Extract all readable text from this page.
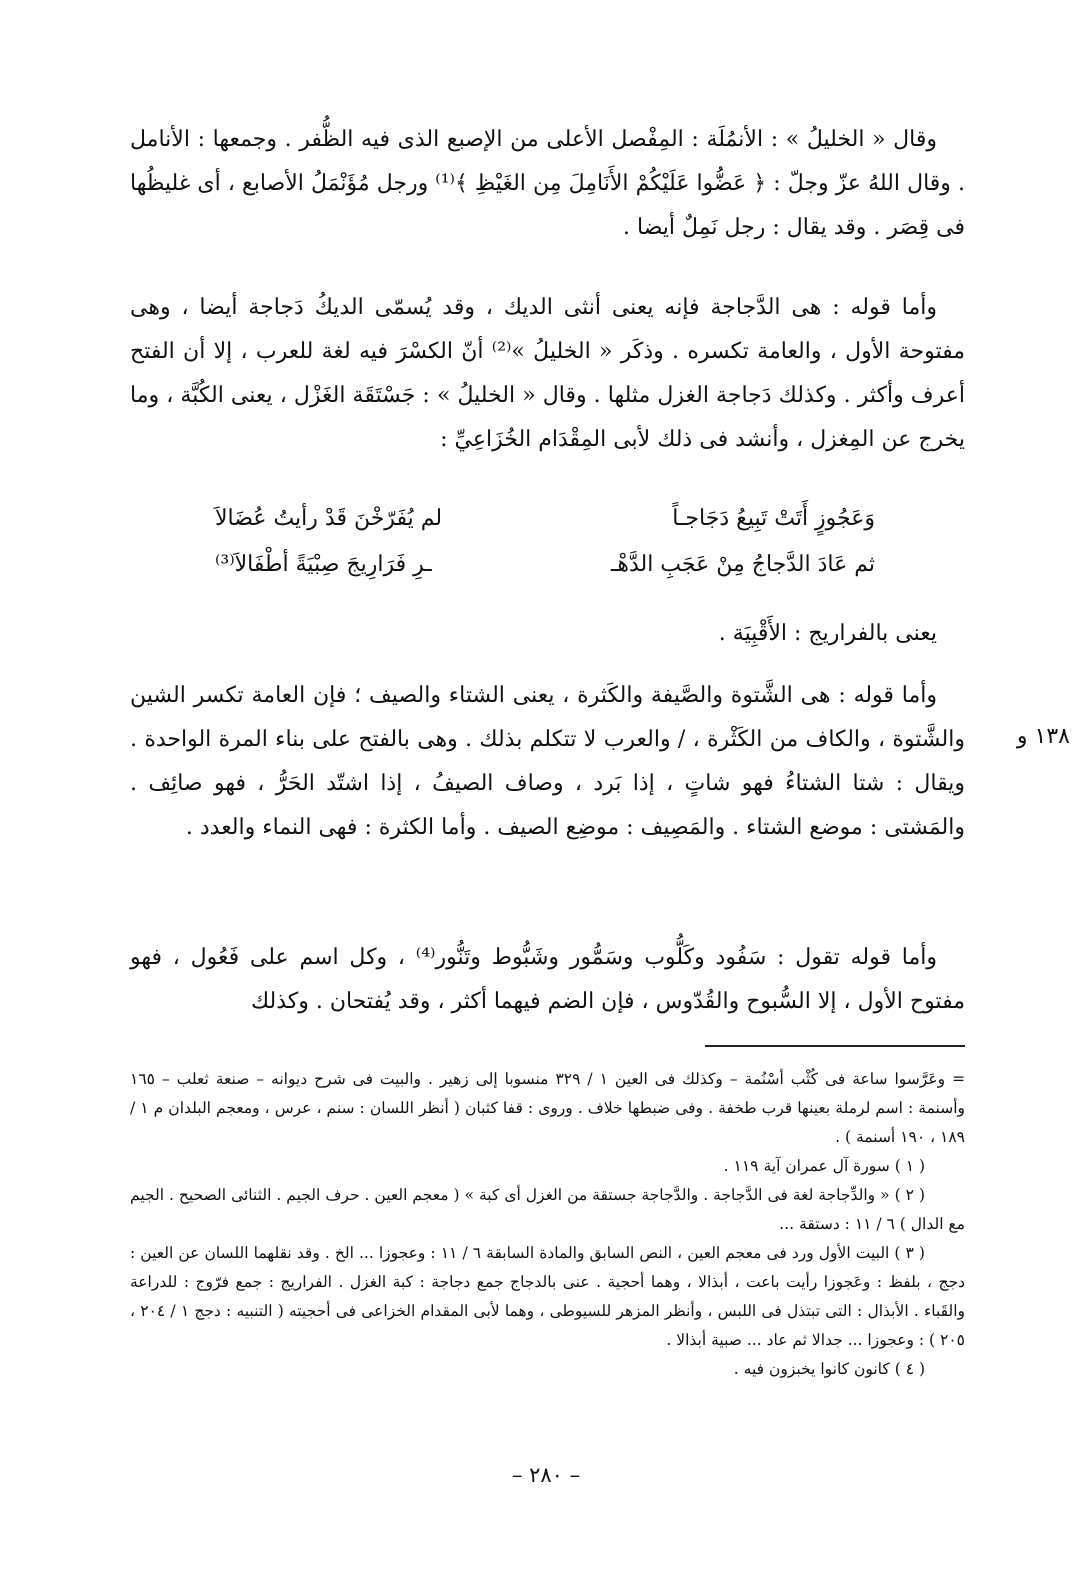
وقال « الخليلُ » : الأنمُلَة : المِفْصل الأعلى من الإصبع الذى فيه الظُّفر . وجمعها : الأنامل . وقال اللهُ عزّ وجلّ : ﴿ عَضُّوا عَلَيْكُمْ الأَنَامِلَ مِن الغَيْظِ ﴾⁽¹⁾ ورجل مُؤَنْمَلُ الأصابع ، أى غليظُها فى قِصَر . وقد يقال : رجل نَمِلٌ أيضا .

وأما قوله : هى الدَّجاجة فإنه يعنى أنثى الديك ، وقد يُسمّى الديكُ دَجاجة أيضا ، وهى مفتوحة الأول ، والعامة تكسره . وذكَر « الخليلُ »⁽²⁾ أنّ الكسْرَ فيه لغة للعرب ، إلا أن الفتح أعرف وأكثر . وكذلك دَجاجة الغزل مثلها . وقال « الخليلُ » : جَسْتَقَة الغَزْل ، يعنى الكُبَّة ، وما يخرج عن المِغزل ، وأنشد فى ذلك لأبى المِقْدَام الخُزَاعِيِّ :

وَعَجُوزٍ أَتَتْ تَبِيعُ دَجَاجـاً
لم يُفَرّخْنَ قَدْ رأيتُ عُضَالاَ
ثم عَادَ الدَّجاجُ مِنْ عَجَبِ الدَّهْـ
ـرِ فَرَارِيجَ صِبْيَةً أطْفَالاَ⁽³⁾

يعنى بالفراريج : الأَقْبِيَة .

وأما قوله : هى الشَّتوة والصَّيفة والكَثرة ، يعنى الشتاء والصيف ؛ فإن العامة تكسر الشين والشَّتوة ، والكاف من الكَثْرة ، / والعرب لا تتكلم بذلك . وهى بالفتح على بناء المرة الواحدة . ويقال : شتا الشتاءُ فهو شاتٍ ، إذا بَرد ، وصاف الصيفُ ، إذا اشتّد الحَرُّ ، فهو صائِف . والمَشتى : موضع الشتاء . والمَصِيف : موضِع الصيف . وأما الكثرة : فهى النماء والعدد .

١٣٨ و

وأما قوله تقول : سَفُود وكَلُّوب وسَمُّور وشَبُّوط وتَنُّور⁽⁴⁾ ، وكل اسم على فَعُول ، فهو مفتوح الأول ، إلا السُّبوح والقُدّوس ، فإن الضم فيهما أكثر ، وقد يُفتحان . وكذلك

= وعَرَّسوا ساعة فى كُثْب أسْنُمة – وكذلك فى العين ١ / ٣٢٩ منسوبا إلى زهير . والبيت فى شرح ديوانه – صنعة ثعلب – ١٦٥ وأسنمة : اسم لرملة بعينها قرب طخفة . وفى ضبطها خلاف . وروى : قفا كثبان ( أنظر اللسان : سنم ، عرس ، ومعجم البلدان م ١ / ١٨٩ ، ١٩٠ أسنمة ) .

( ١ ) سورة آل عمران آية ١١٩ .

( ٢ ) « والدِّجاجة لغة فى الدَّجاجة . والدَّجاجة جستقة من الغزل أى كبة » ( معجم العين . حرف الجيم . الثنائى الصحيح . الجيم مع الدال ) ٦ / ١١ : دستقة ...

( ٣ ) البيت الأول ورد فى معجم العين ، النص السابق والمادة السابقة ٦ / ١١ : وعجوزا ... الخ . وقد نقلهما اللسان عن العين : دجج ، بلفظ : وعَجوزا رأيت باعت ، أبذالا ، وهما أحجية . عنى بالدجاج جمع دجاجة : كبة الغزل . الفراريج : جمع فرّوج : للدراعة والقَباء . الأبذال : التى تبتذل فى اللبس ، وأنظر المزهر للسيوطى ، وهما لأبى المقدام الخزاعى فى أحجيته ( التنبيه : دجج ١ / ٢٠٤ ، ٢٠٥ ) : وعجوزا ... جدالا ثم عاد ... صبية أبذالا .

( ٤ ) كانون كانوا يخبزون فيه .

– ٢٨٠ –
